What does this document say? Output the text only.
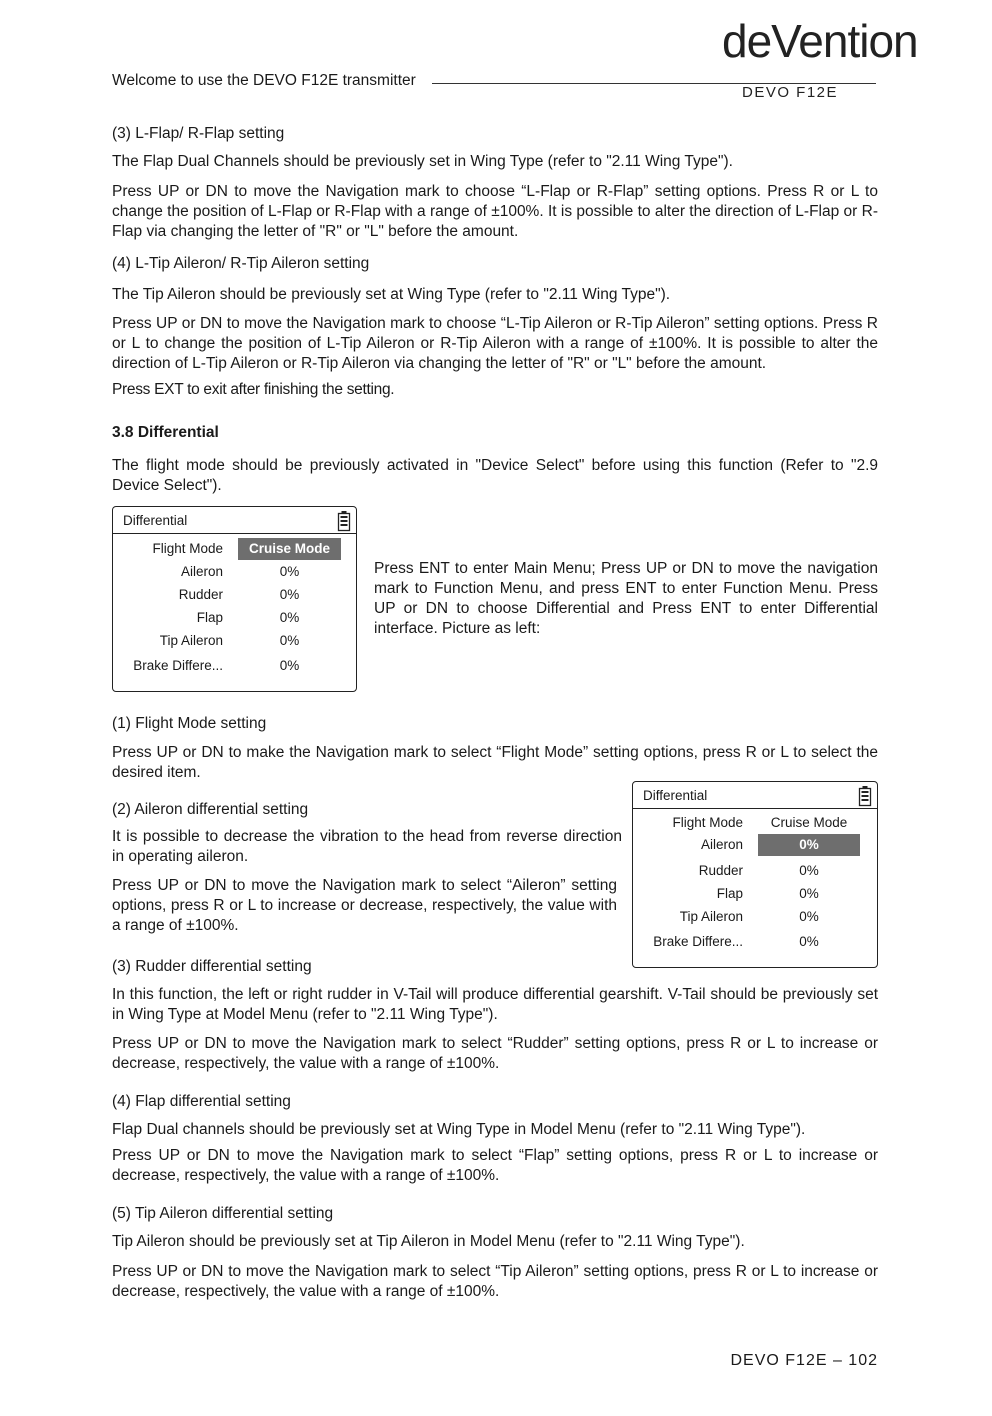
Welcome to use the DEVO F12E transmitter
deVention
DEVO F12E
(3) L-Flap/ R-Flap setting
The Flap Dual Channels should be previously set in Wing Type (refer to "2.11 Wing Type").
Press UP or DN to move the Navigation mark to choose “L-Flap or R-Flap” setting options. Press R or L to change the position of L-Flap or R-Flap with a range of ±100%. It is possible to alter the direction of L-Flap or R-Flap via changing the letter of "R" or "L" before the amount.
(4) L-Tip Aileron/ R-Tip Aileron setting
The Tip Aileron should be previously set at Wing Type (refer to "2.11 Wing Type").
Press UP or DN to move the Navigation mark to choose “L-Tip Aileron or R-Tip Aileron” setting options. Press R or L to change the position of L-Tip Aileron or R-Tip Aileron with a range of ±100%. It is possible to alter the direction of L-Tip Aileron or R-Tip Aileron via changing the letter of "R" or "L" before the amount.
Press EXT to exit after finishing the setting.
3.8 Differential
The flight mode should be previously activated in "Device Select" before using this function (Refer to "2.9 Device Select").
Differential
Flight Mode	Cruise Mode
Aileron	0%
Rudder	0%
Flap	0%
Tip Aileron	0%
Brake Differe...	0%
Press ENT to enter Main Menu; Press UP or DN to move the navigation mark to Function Menu, and press ENT to enter Function Menu. Press UP or DN to choose Differential and Press ENT to enter Differential interface. Picture as left:
(1) Flight Mode setting
Press UP or DN to make the Navigation mark to select “Flight Mode” setting options, press R or L to select the desired item.
(2) Aileron differential setting
It is possible to decrease the vibration to the head from reverse direction in operating aileron.
Press UP or DN to move the Navigation mark to select “Aileron” setting options, press R or L to increase or decrease, respectively, the value with a range of ±100%.
Differential
Flight Mode	Cruise Mode
Aileron	0%
Rudder	0%
Flap	0%
Tip Aileron	0%
Brake Differe...	0%
(3) Rudder differential setting
In this function, the left or right rudder in V-Tail will produce differential gearshift. V-Tail should be previously set in Wing Type at Model Menu (refer to "2.11 Wing Type").
Press UP or DN to move the Navigation mark to select “Rudder” setting options, press R or L to increase or decrease, respectively, the value with a range of ±100%.
(4) Flap differential setting
Flap Dual channels should be previously set at Wing Type in Model Menu (refer to "2.11 Wing Type").
Press UP or DN to move the Navigation mark to select “Flap” setting options, press R or L to increase or decrease, respectively, the value with a range of ±100%.
(5) Tip Aileron differential setting
Tip Aileron should be previously set at Tip Aileron in Model Menu (refer to "2.11 Wing Type").
Press UP or DN to move the Navigation mark to select “Tip Aileron” setting options, press R or L to increase or decrease, respectively, the value with a range of ±100%.
DEVO F12E – 102
